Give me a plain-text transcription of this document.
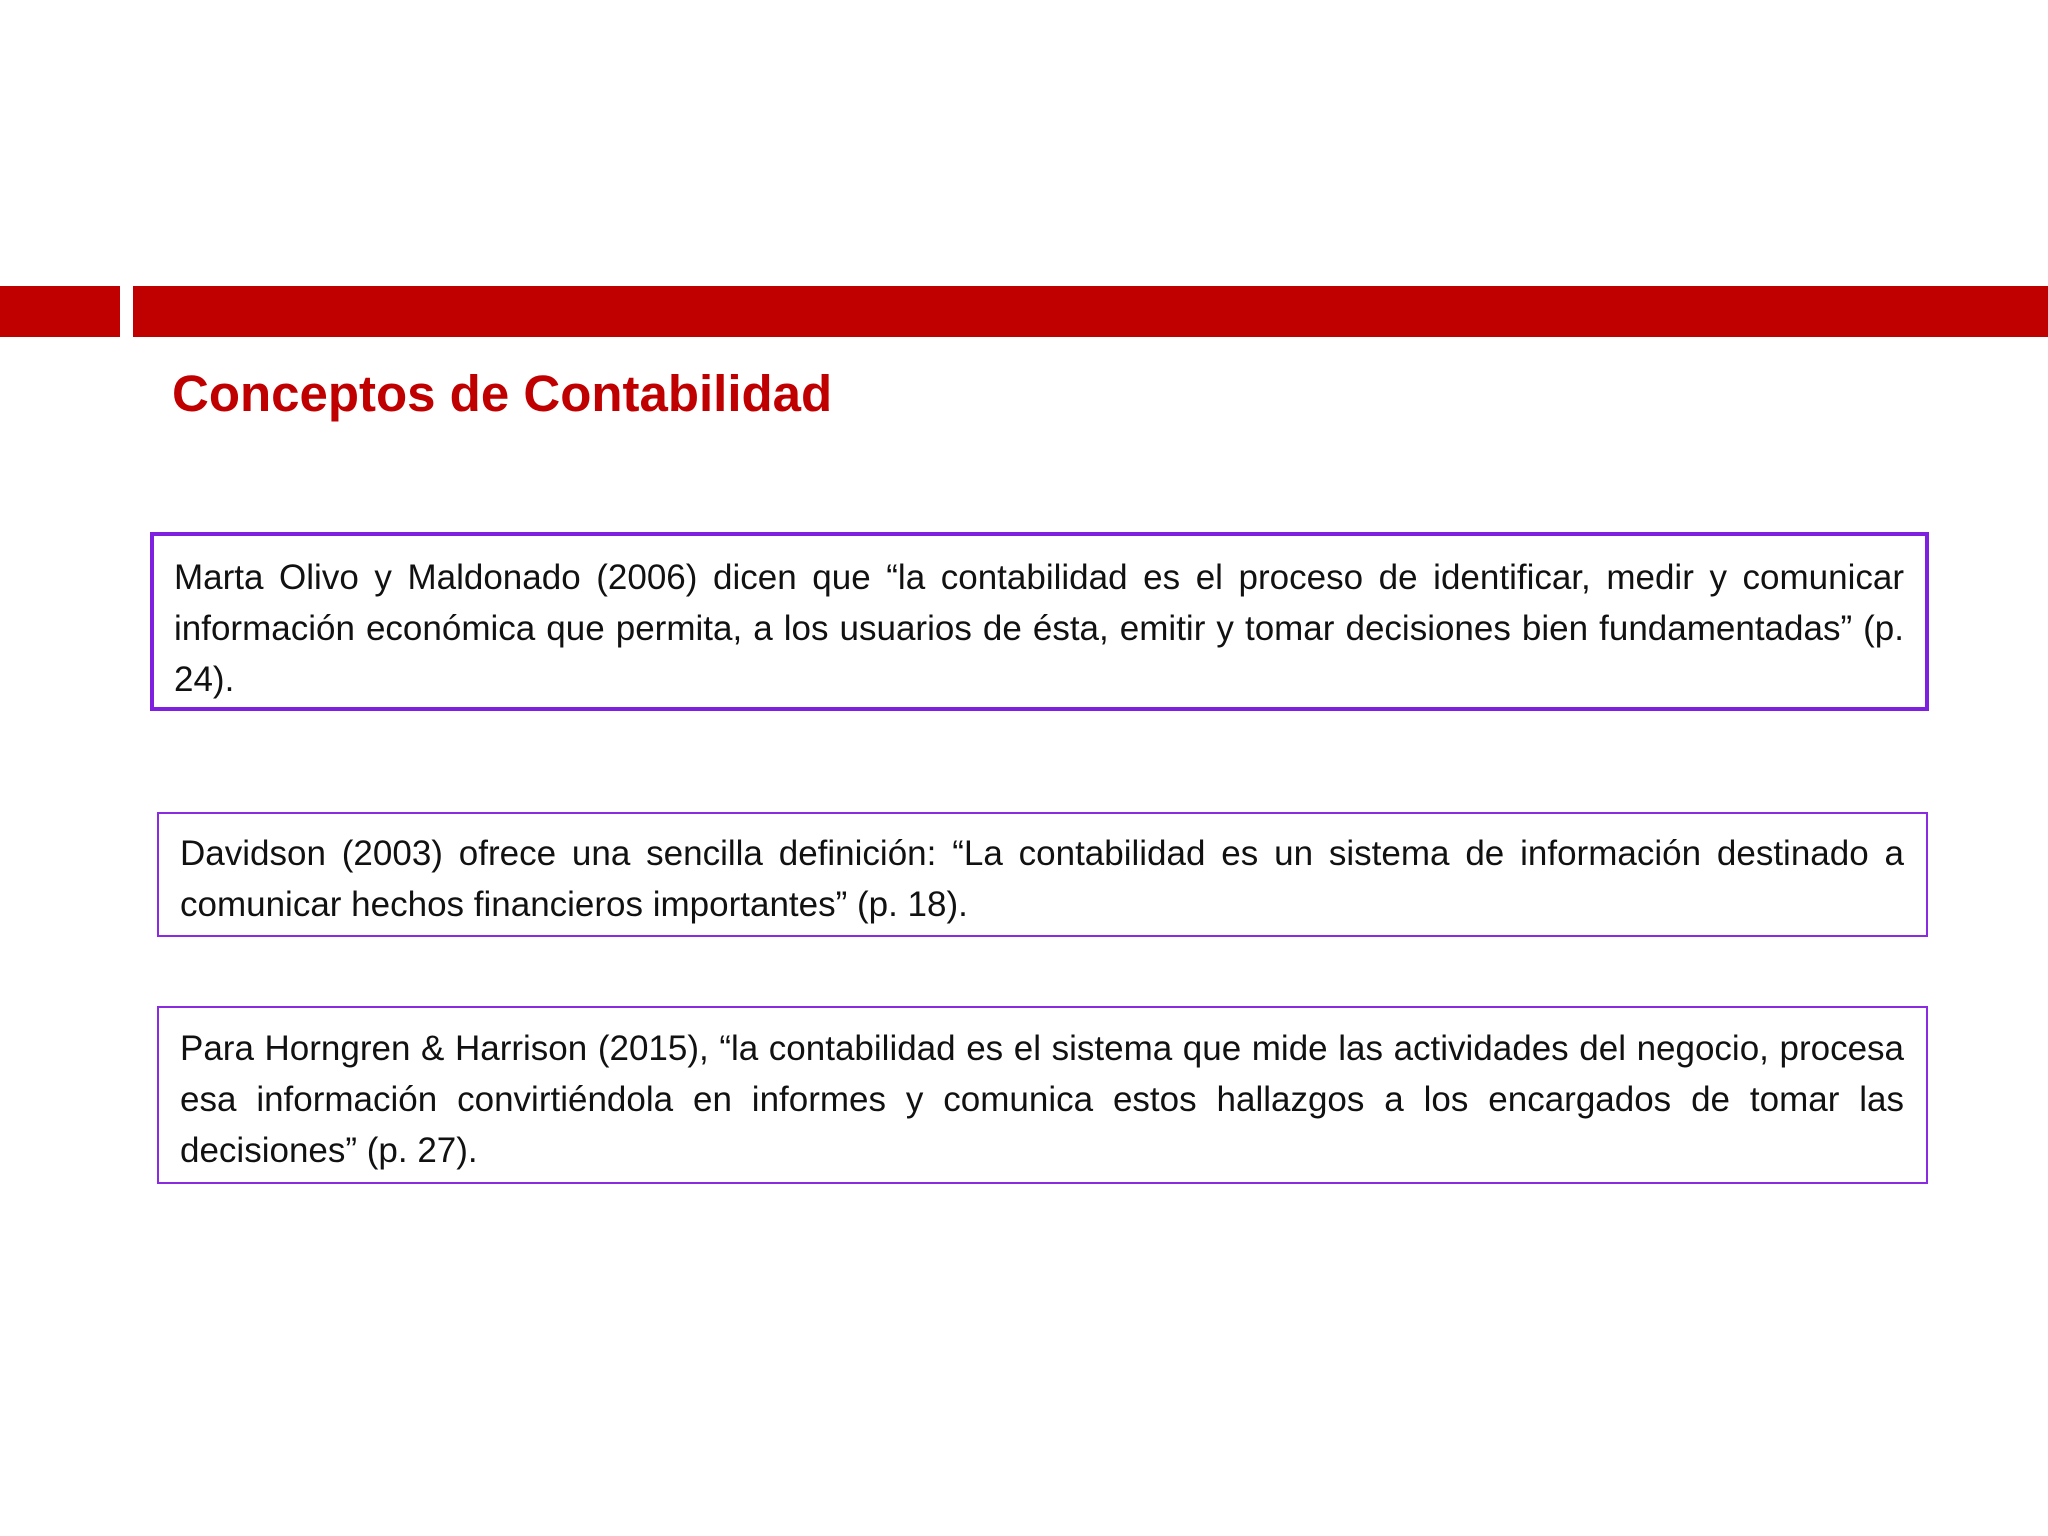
Conceptos de Contabilidad

Marta Olivo y Maldonado (2006) dicen que “la contabilidad es el proceso de identificar, medir y comunicar información económica que permita, a los usuarios de ésta, emitir y tomar decisiones bien fundamentadas” (p. 24).

Davidson (2003) ofrece una sencilla definición: “La contabilidad es un sistema de información destinado a comunicar hechos financieros importantes” (p. 18).

Para Horngren & Harrison (2015), “la contabilidad es el sistema que mide las actividades del negocio, procesa esa información convirtiéndola en informes y comunica estos hallazgos a los encargados de tomar las decisiones” (p. 27).
